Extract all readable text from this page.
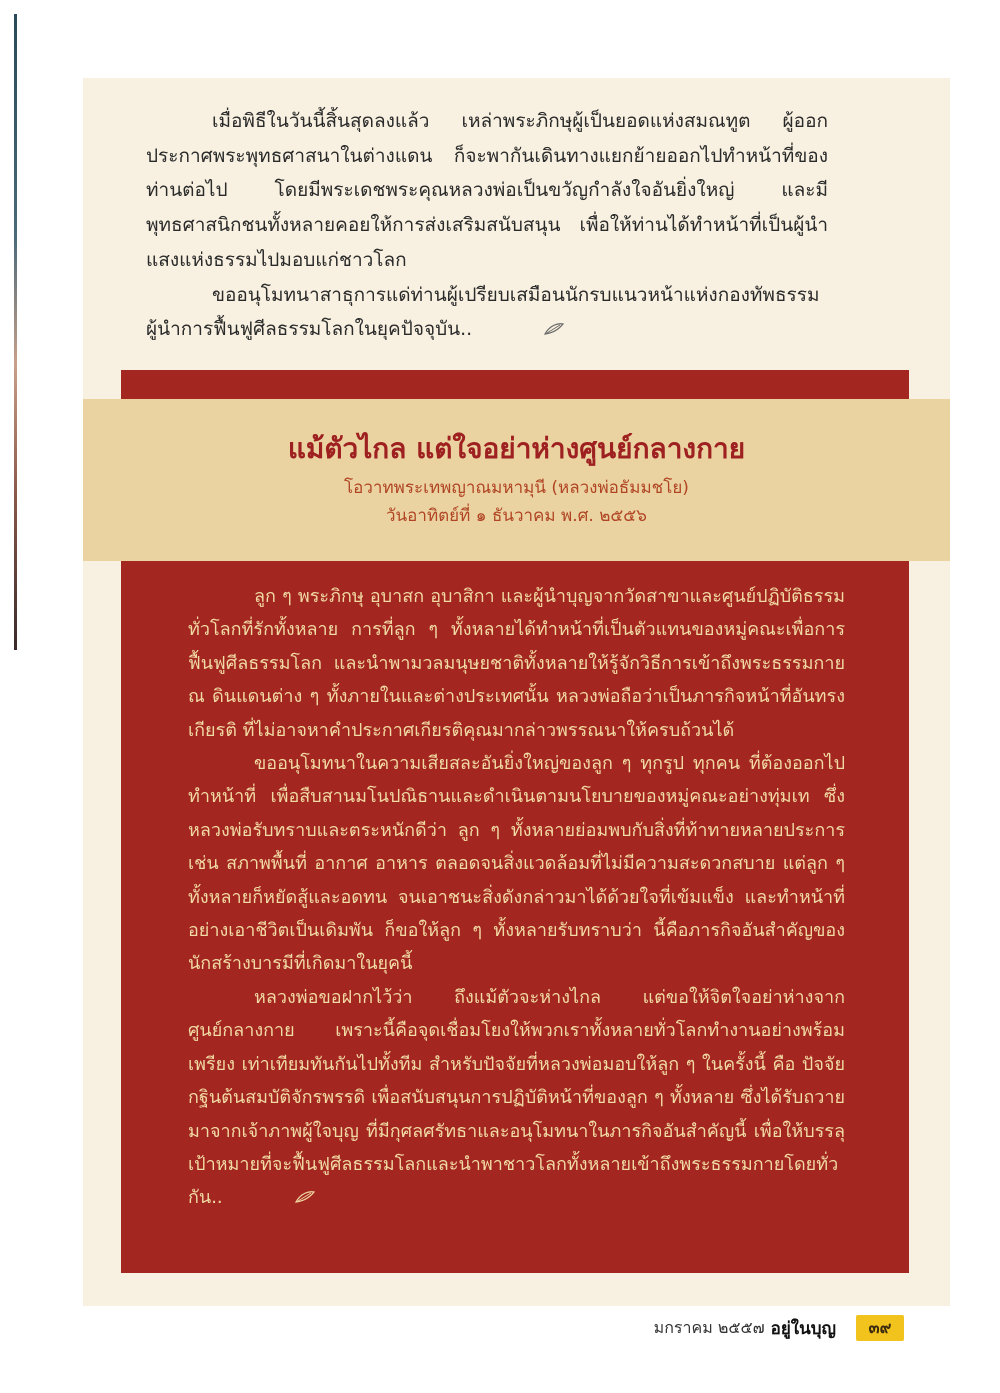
เมื่อพิธีในวันนี้สิ้นสุดลงแล้ว เหล่าพระภิกษุผู้เป็นยอดแห่งสมณทูต ผู้ออกประกาศพระพุทธศาสนาในต่างแดน ก็จะพากันเดินทางแยกย้ายออกไปทำหน้าที่ของท่านต่อไป โดยมีพระเดชพระคุณหลวงพ่อเป็นขวัญกำลังใจอันยิ่งใหญ่ และมีพุทธศาสนิกชนทั้งหลายคอยให้การส่งเสริมสนับสนุน เพื่อให้ท่านได้ทำหน้าที่เป็นผู้นำแสงแห่งธรรมไปมอบแก่ชาวโลก

ขออนุโมทนาสาธุการแด่ท่านผู้เปรียบเสมือนนักรบแนวหน้าแห่งกองทัพธรรม ผู้นำการฟื้นฟูศีลธรรมโลกในยุคปัจจุบัน..

แม้ตัวไกล แต่ใจอย่าห่างศูนย์กลางกาย
โอวาทพระเทพญาณมหามุนี (หลวงพ่อธัมมชโย)
วันอาทิตย์ที่ ๑ ธันวาคม พ.ศ. ๒๕๕๖

ลูก ๆ พระภิกษุ อุบาสก อุบาสิกา และผู้นำบุญจากวัดสาขาและศูนย์ปฏิบัติธรรมทั่วโลกที่รักทั้งหลาย การที่ลูก ๆ ทั้งหลายได้ทำหน้าที่เป็นตัวแทนของหมู่คณะเพื่อการฟื้นฟูศีลธรรมโลก และนำพามวลมนุษยชาติทั้งหลายให้รู้จักวิธีการเข้าถึงพระธรรมกาย ณ ดินแดนต่าง ๆ ทั้งภายในและต่างประเทศนั้น หลวงพ่อถือว่าเป็นภารกิจหน้าที่อันทรงเกียรติ ที่ไม่อาจหาคำประกาศเกียรติคุณมากล่าวพรรณนาให้ครบถ้วนได้

ขออนุโมทนาในความเสียสละอันยิ่งใหญ่ของลูก ๆ ทุกรูป ทุกคน ที่ต้องออกไปทำหน้าที่ เพื่อสืบสานมโนปณิธานและดำเนินตามนโยบายของหมู่คณะอย่างทุ่มเท ซึ่งหลวงพ่อรับทราบและตระหนักดีว่า ลูก ๆ ทั้งหลายย่อมพบกับสิ่งที่ท้าทายหลายประการ เช่น สภาพพื้นที่ อากาศ อาหาร ตลอดจนสิ่งแวดล้อมที่ไม่มีความสะดวกสบาย แต่ลูก ๆ ทั้งหลายก็หยัดสู้และอดทน จนเอาชนะสิ่งดังกล่าวมาได้ด้วยใจที่เข้มแข็ง และทำหน้าที่อย่างเอาชีวิตเป็นเดิมพัน ก็ขอให้ลูก ๆ ทั้งหลายรับทราบว่า นี้คือภารกิจอันสำคัญของนักสร้างบารมีที่เกิดมาในยุคนี้

หลวงพ่อขอฝากไว้ว่า ถึงแม้ตัวจะห่างไกล แต่ขอให้จิตใจอย่าห่างจากศูนย์กลางกาย เพราะนี้คือจุดเชื่อมโยงให้พวกเราทั้งหลายทั่วโลกทำงานอย่างพร้อมเพรียง เท่าเทียมทันกันไปทั้งทีม สำหรับปัจจัยที่หลวงพ่อมอบให้ลูก ๆ ในครั้งนี้ คือ ปัจจัยกฐินต้นสมบัติจักรพรรดิ เพื่อสนับสนุนการปฏิบัติหน้าที่ของลูก ๆ ทั้งหลาย ซึ่งได้รับถวายมาจากเจ้าภาพผู้ใจบุญ ที่มีกุศลศรัทธาและอนุโมทนาในภารกิจอันสำคัญนี้ เพื่อให้บรรลุเป้าหมายที่จะฟื้นฟูศีลธรรมโลกและนำพาชาวโลกทั้งหลายเข้าถึงพระธรรมกายโดยทั่วกัน..

มกราคม ๒๕๕๗ อยู่ในบุญ	๓๙
